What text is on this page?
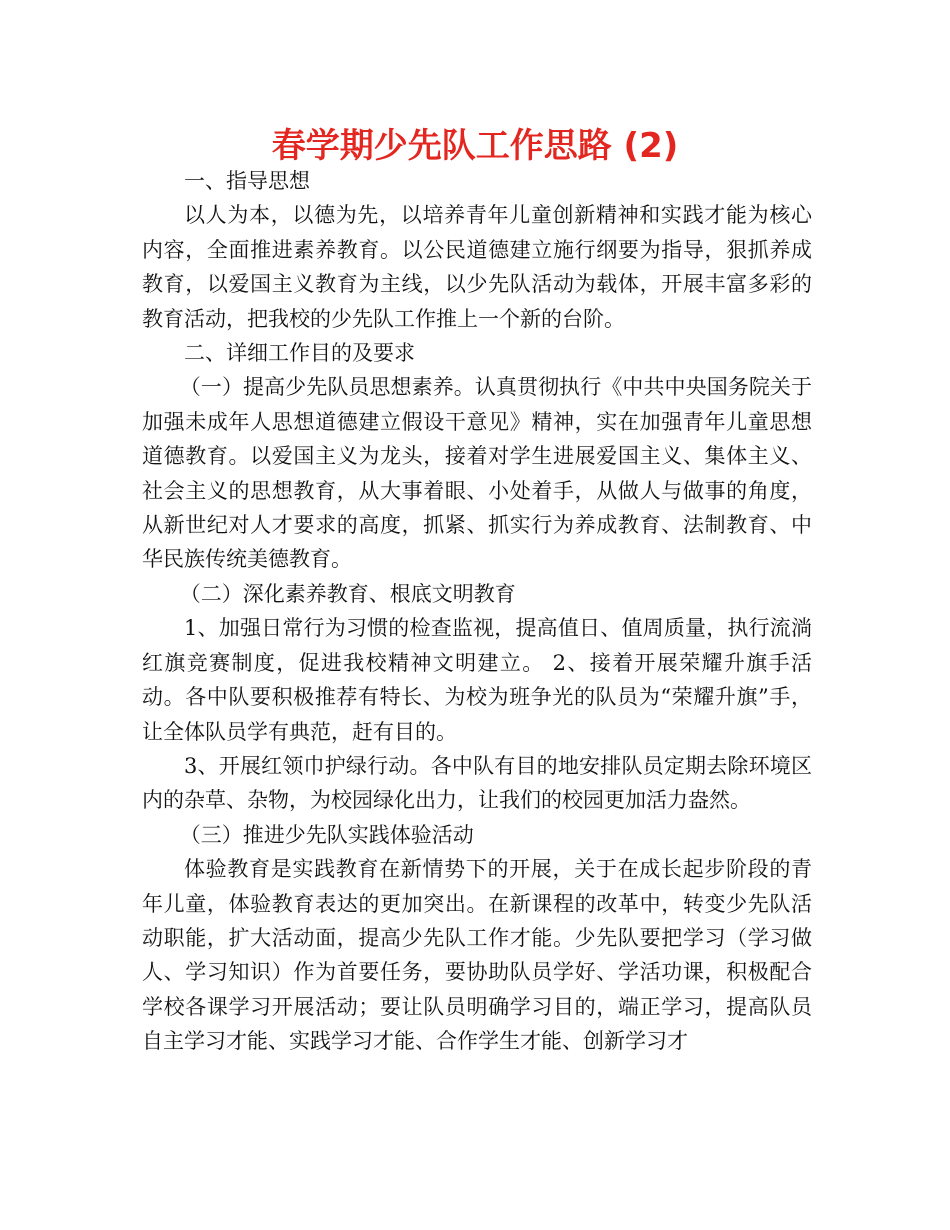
春学期少先队工作思路 (2)

一、指导思想

以人为本，以德为先，以培养青年儿童创新精神和实践才能为核心内容，全面推进素养教育。以公民道德建立施行纲要为指导，狠抓养成教育，以爱国主义教育为主线，以少先队活动为载体，开展丰富多彩的教育活动，把我校的少先队工作推上一个新的台阶。

二、详细工作目的及要求

（一）提高少先队员思想素养。认真贯彻执行《中共中央国务院关于加强未成年人思想道德建立假设干意见》精神，实在加强青年儿童思想道德教育。以爱国主义为龙头，接着对学生进展爱国主义、集体主义、社会主义的思想教育，从大事着眼、小处着手，从做人与做事的角度，从新世纪对人才要求的高度，抓紧、抓实行为养成教育、法制教育、中华民族传统美德教育。

（二）深化素养教育、根底文明教育

1、加强日常行为习惯的检查监视，提高值日、值周质量，执行流淌红旗竞赛制度，促进我校精神文明建立。 2、接着开展荣耀升旗手活动。各中队要积极推荐有特长、为校为班争光的队员为“荣耀升旗”手，让全体队员学有典范，赶有目的。

3、开展红领巾护绿行动。各中队有目的地安排队员定期去除环境区内的杂草、杂物，为校园绿化出力，让我们的校园更加活力盎然。

（三）推进少先队实践体验活动

体验教育是实践教育在新情势下的开展，关于在成长起步阶段的青年儿童，体验教育表达的更加突出。在新课程的改革中，转变少先队活动职能，扩大活动面，提高少先队工作才能。少先队要把学习（学习做人、学习知识）作为首要任务，要协助队员学好、学活功课，积极配合学校各课学习开展活动；要让队员明确学习目的，端正学习，提高队员自主学习才能、实践学习才能、合作学生才能、创新学习才
